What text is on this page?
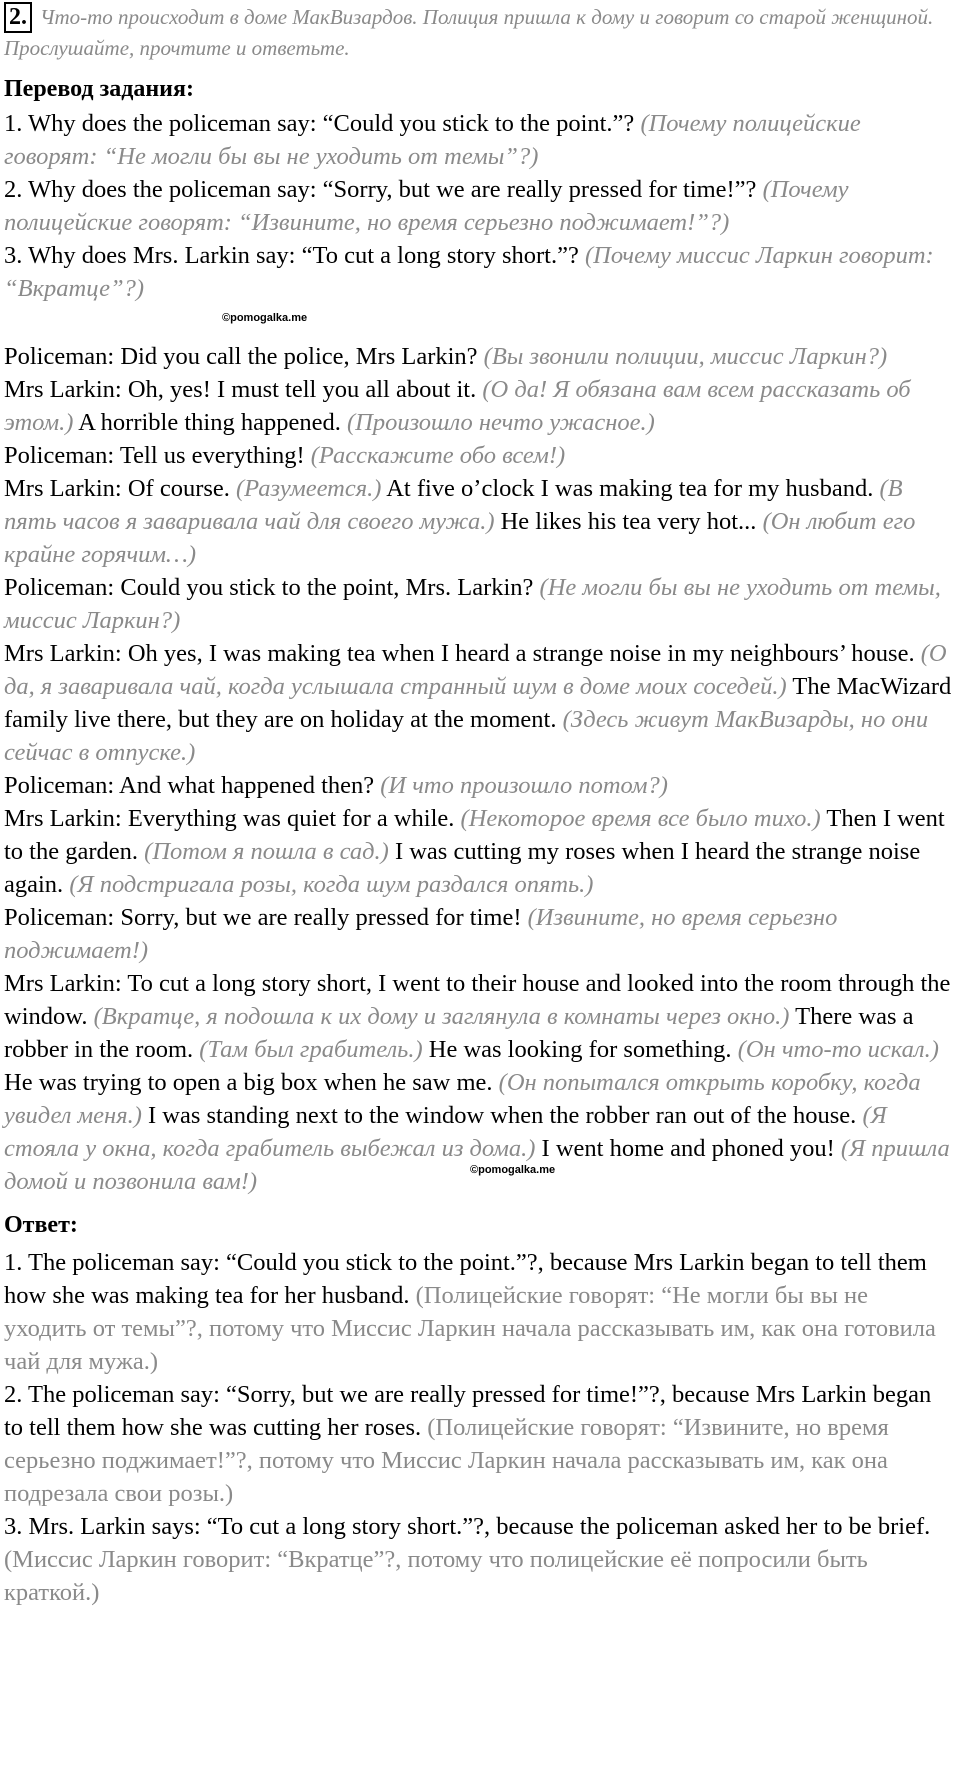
2. Что-то происходит в доме МакВизардов. Полиция пришла к дому и говорит со старой женщиной. Прослушайте, прочтите и ответьте.
Перевод задания:

1. Why does the policeman say: “Could you stick to the point.”? (Почему полицейские говорят: “Не могли бы вы не уходить от темы”?)

2. Why does the policeman say: “Sorry, but we are really pressed for time!”? (Почему полицейские говорят: “Извините, но время серьезно поджимает!”?)

3. Why does Mrs. Larkin say: “To cut a long story short.”? (Почему миссис Ларкин говорит: “Вкратце”?)

©pomogalka.me

Policeman: Did you call the police, Mrs Larkin? (Вы звонили полиции, миссис Ларкин?)

Mrs Larkin: Oh, yes! I must tell you all about it. (О да! Я обязана вам всем рассказать об этом.) A horrible thing happened. (Произошло нечто ужасное.)

Policeman: Tell us everything! (Расскажите обо всем!)

Mrs Larkin: Of course. (Разумеется.) At five o’clock I was making tea for my husband. (В пять часов я заваривала чай для своего мужа.) He likes his tea very hot... (Он любит его крайне горячим…)

Policeman: Could you stick to the point, Mrs. Larkin? (Не могли бы вы не уходить от темы, миссис Ларкин?)

Mrs Larkin: Oh yes, I was making tea when I heard a strange noise in my neighbours’ house. (О да, я заваривала чай, когда услышала странный шум в доме моих соседей.) The MacWizard family live there, but they are on holiday at the moment. (Здесь живут МакВизарды, но они сейчас в отпуске.)

Policeman: And what happened then? (И что произошло потом?)

Mrs Larkin: Everything was quiet for a while. (Некоторое время все было тихо.) Then I went to the garden. (Потом я пошла в сад.) I was cutting my roses when I heard the strange noise again. (Я подстригала розы, когда шум раздался опять.)

Policeman: Sorry, but we are really pressed for time! (Извините, но время серьезно поджимает!)

Mrs Larkin: To cut a long story short, I went to their house and looked into the room through the window. (Вкратце, я подошла к их дому и заглянула в комнаты через окно.) There was a robber in the room. (Там был грабитель.) He was looking for something. (Он что-то искал.) He was trying to open a big box when he saw me. (Он попытался открыть коробку, когда увидел меня.) I was standing next to the window when the robber ran out of the house. (Я стояла у окна, когда грабитель выбежал из дома.) I went home and phoned you! (Я пришла домой и позвонила вам!)	©pomogalka.me
Ответ:

1. The policeman say: “Could you stick to the point.”?, because Mrs Larkin began to tell them how she was making tea for her husband. (Полицейские говорят: “Не могли бы вы не уходить от темы”?, потому что Миссис Ларкин начала рассказывать им, как она готовила чай для мужа.)

2. The policeman say: “Sorry, but we are really pressed for time!”?, because Mrs Larkin began to tell them how she was cutting her roses. (Полицейские говорят: “Извините, но время серьезно поджимает!”?, потому что Миссис Ларкин начала рассказывать им, как она подрезала свои розы.)

3. Mrs. Larkin says: “To cut a long story short.”?, because the policeman asked her to be brief. (Миссис Ларкин говорит: “Вкратце”?, потому что полицейские её попросили быть краткой.)
